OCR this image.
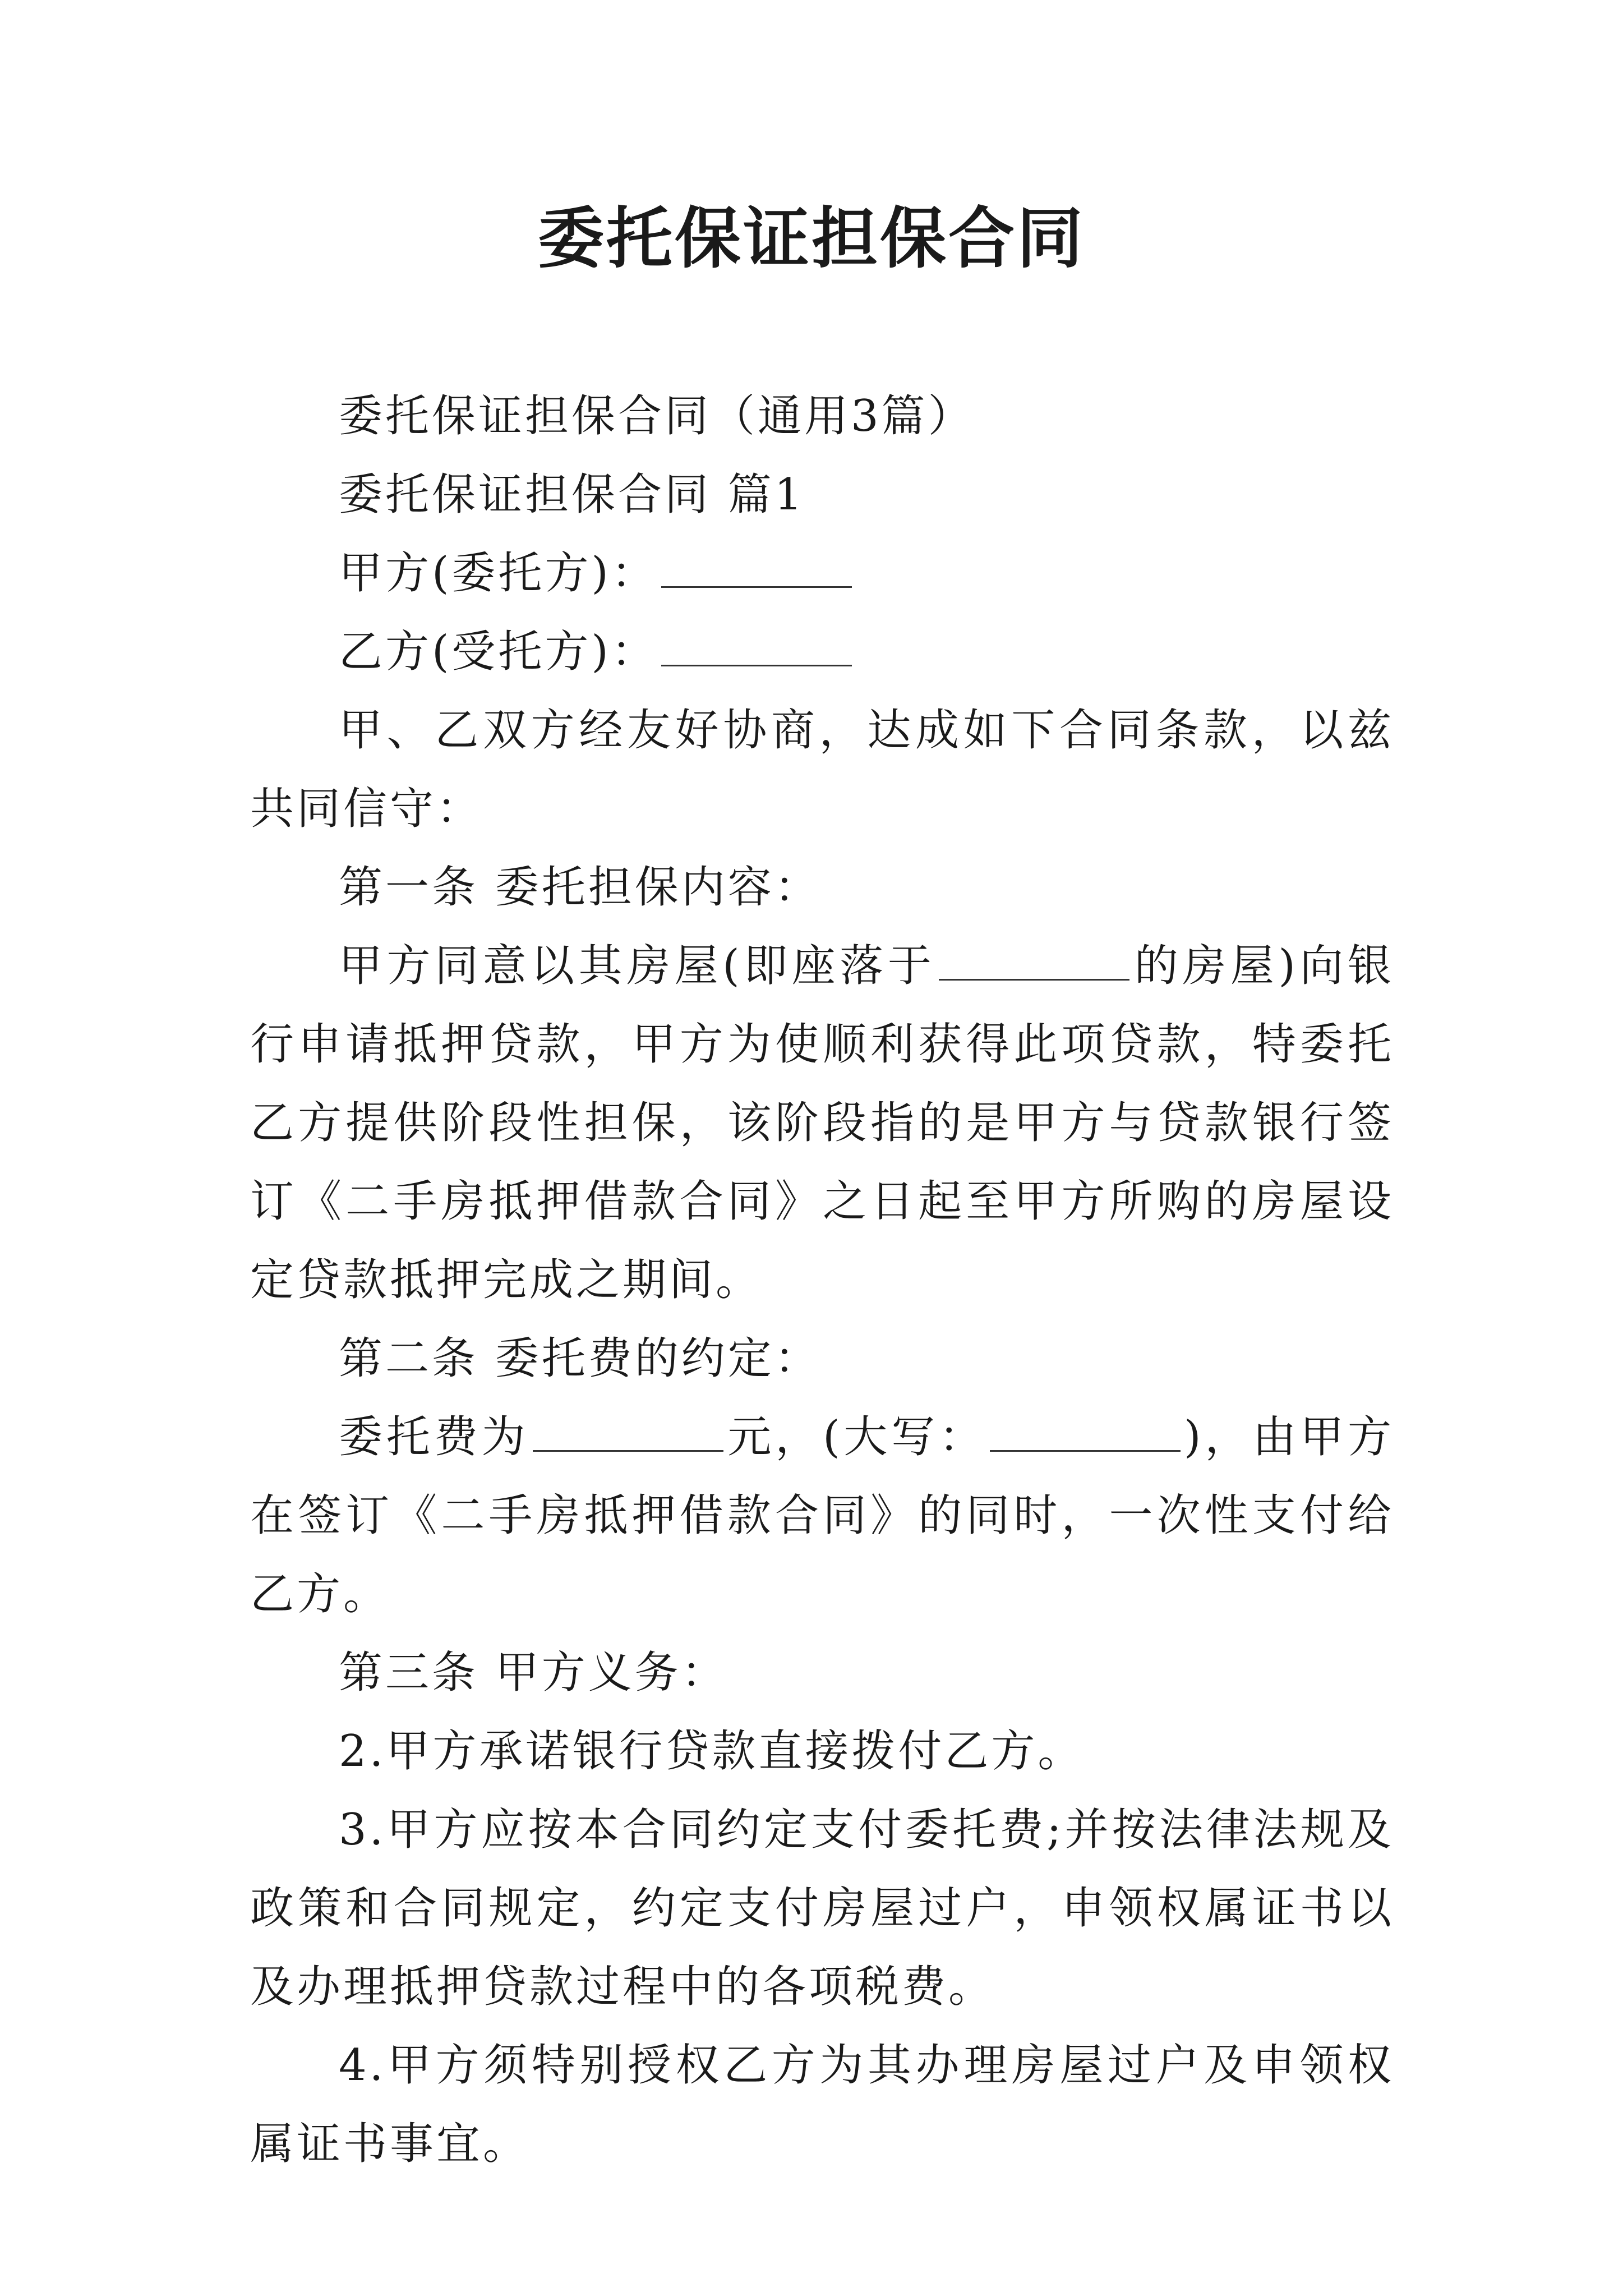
委托保证担保合同

委托保证担保合同（通用3篇）

委托保证担保合同 篇1

甲方(委托方)：

乙方(受托方)：

甲、乙双方经友好协商，达成如下合同条款，以兹共同信守：

第一条 委托担保内容：

甲方同意以其房屋(即座落于	的房屋)向银行申请抵押贷款，甲方为使顺利获得此项贷款，特委托乙方提供阶段性担保，该阶段指的是甲方与贷款银行签订《二手房抵押借款合同》之日起至甲方所购的房屋设定贷款抵押完成之期间。

第二条 委托费的约定：

委托费为	元，(大写：	)，由甲方在签订《二手房抵押借款合同》的同时，一次性支付给乙方。

第三条 甲方义务：

2.甲方承诺银行贷款直接拨付乙方。

3.甲方应按本合同约定支付委托费;并按法律法规及政策和合同规定，约定支付房屋过户，申领权属证书以及办理抵押贷款过程中的各项税费。

4.甲方须特别授权乙方为其办理房屋过户及申领权属证书事宜。
